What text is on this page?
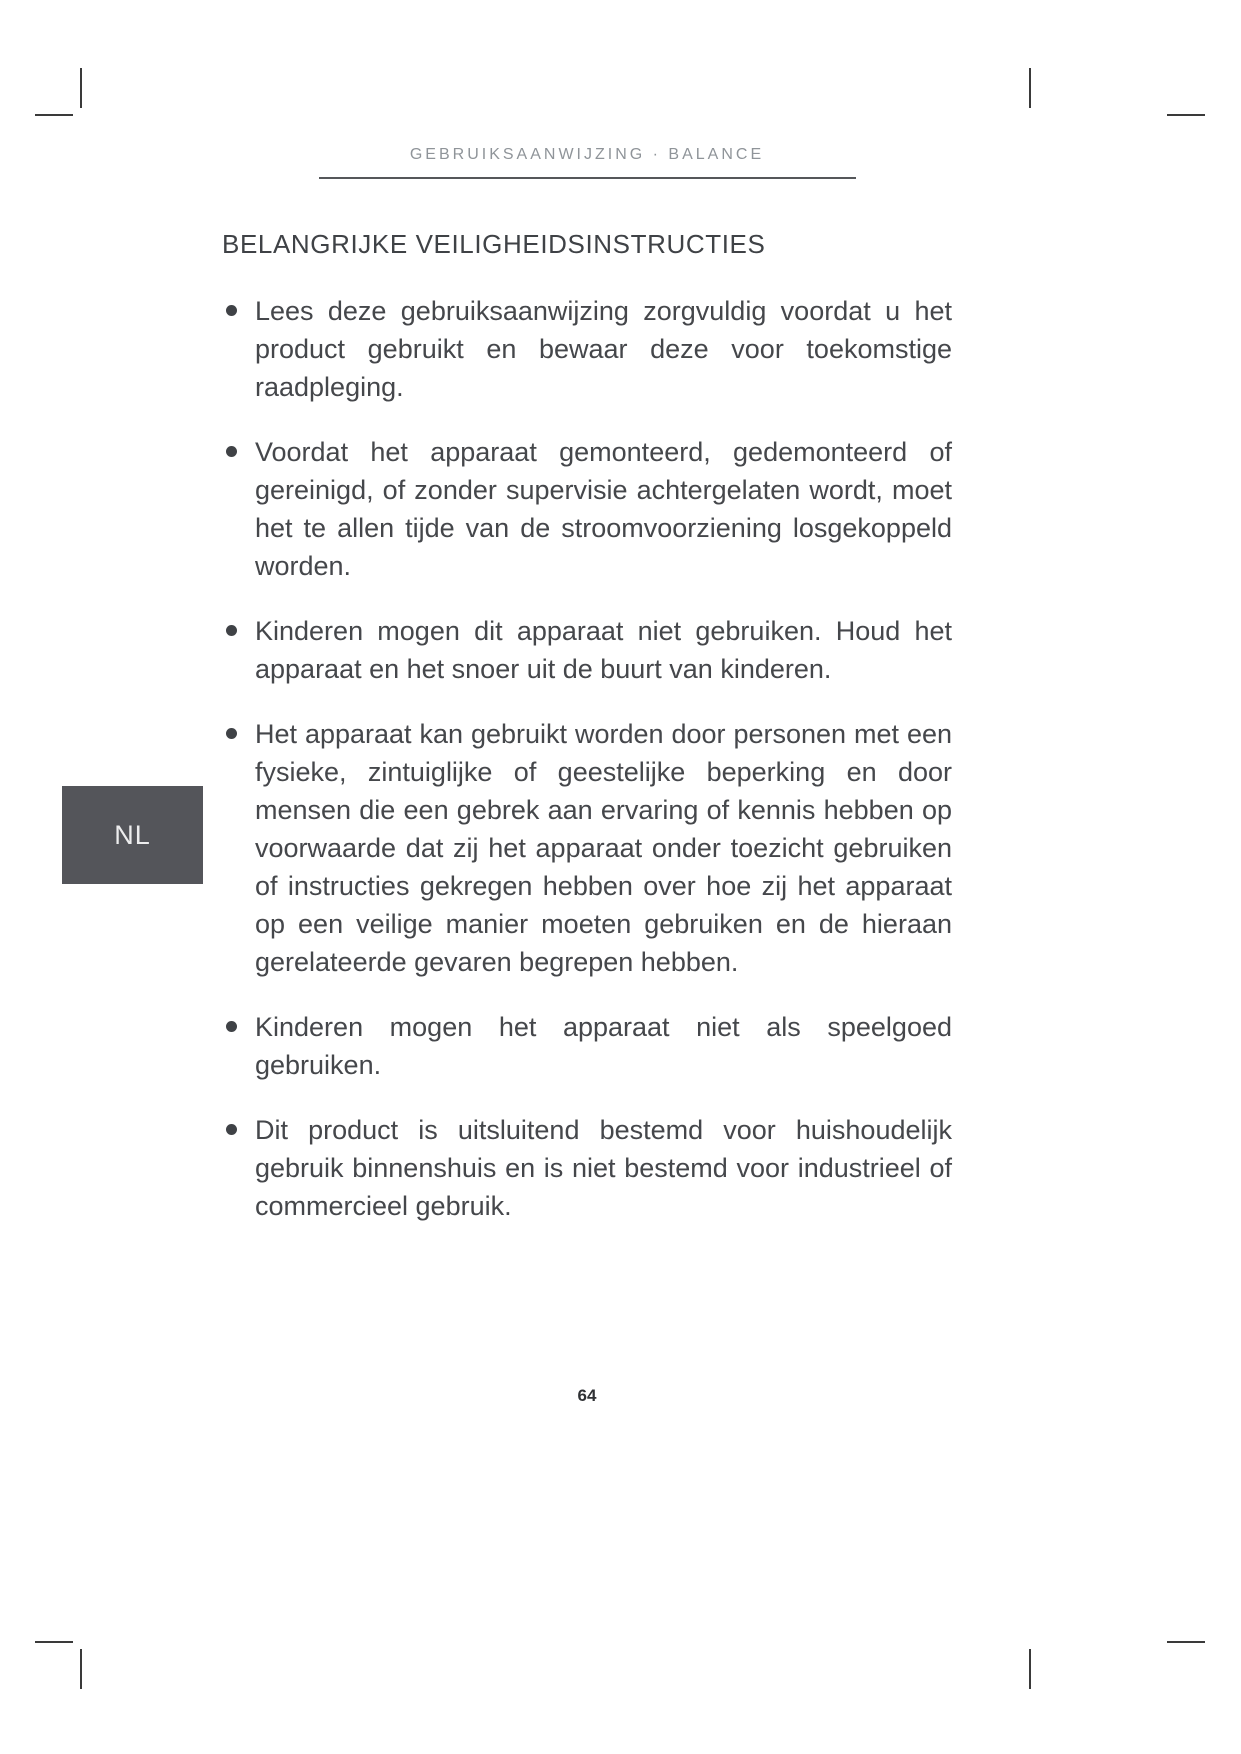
NL
GEBRUIKSAANWIJZING · BALANCE
BELANGRIJKE VEILIGHEIDSINSTRUCTIES
Lees deze gebruiksaanwijzing zorgvuldig voordat u het product gebruikt en bewaar deze voor toekomstige raadpleging.
Voordat het apparaat gemonteerd, gedemonteerd of gereinigd, of zonder supervisie achtergelaten wordt, moet het te allen tijde van de stroomvoorziening losgekoppeld worden.
Kinderen mogen dit apparaat niet gebruiken. Houd het apparaat en het snoer uit de buurt van kinderen.
Het apparaat kan gebruikt worden door personen met een fysieke, zintuiglijke of geestelijke beperking en door mensen die een gebrek aan ervaring of kennis hebben op voorwaarde dat zij het apparaat onder toezicht gebruiken of instructies gekregen hebben over hoe zij het apparaat op een veilige manier moeten gebruiken en de hieraan gerelateerde gevaren begrepen hebben.
Kinderen mogen het apparaat niet als speelgoed gebruiken.
Dit product is uitsluitend bestemd voor huishoudelijk gebruik binnenshuis en is niet bestemd voor industrieel of commercieel gebruik.
64
